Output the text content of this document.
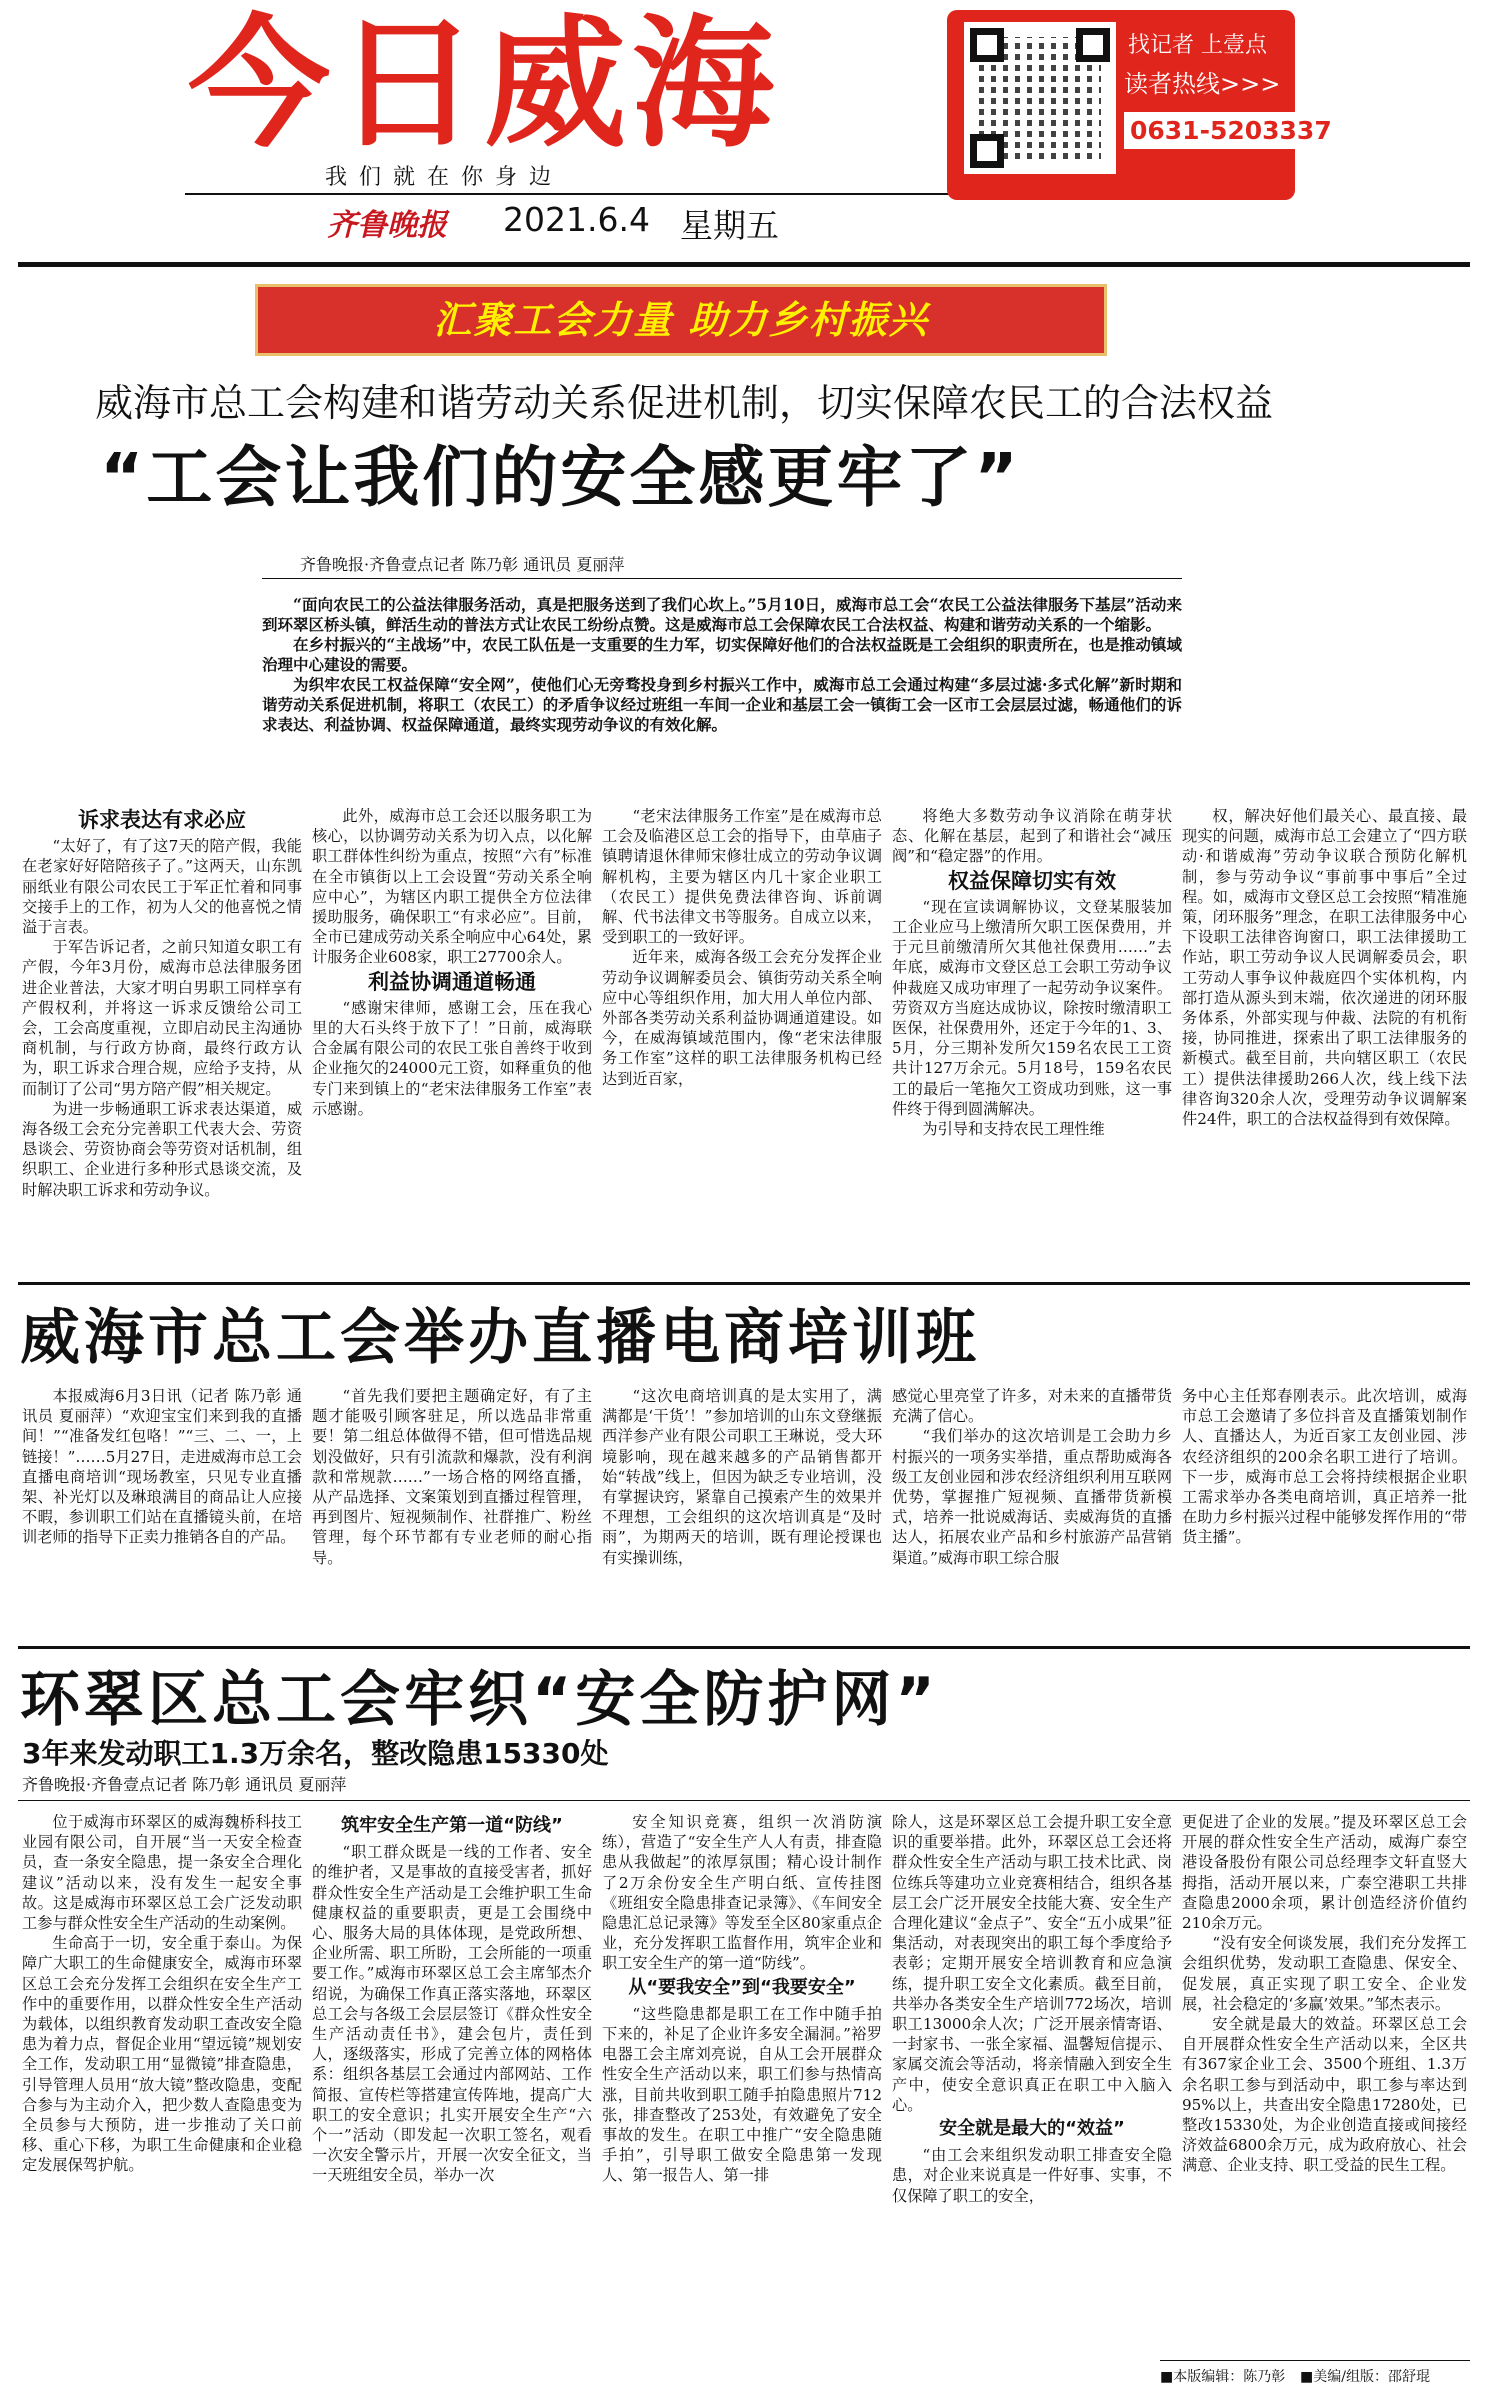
今日威海
我们就在你身边
齐鲁晚报 2021.6.4 星期五
找记者 上壹点
读者热线>>>
0631-5203337
汇聚工会力量 助力乡村振兴
威海市总工会构建和谐劳动关系促进机制，切实保障农民工的合法权益
“工会让我们的安全感更牢了”
齐鲁晚报·齐鲁壹点记者 陈乃彰 通讯员 夏丽萍

“面向农民工的公益法律服务活动，真是把服务送到了我们心坎上。”5月10日，威海市总工会“农民工公益法律服务下基层”活动来到环翠区桥头镇，鲜活生动的普法方式让农民工纷纷点赞。这是威海市总工会保障农民工合法权益、构建和谐劳动关系的一个缩影。

在乡村振兴的“主战场”中，农民工队伍是一支重要的生力军，切实保障好他们的合法权益既是工会组织的职责所在，也是推动镇域治理中心建设的需要。

为织牢农民工权益保障“安全网”，使他们心无旁骛投身到乡村振兴工作中，威海市总工会通过构建“多层过滤·多式化解”新时期和谐劳动关系促进机制，将职工（农民工）的矛盾争议经过班组一车间一企业和基层工会一镇街工会一区市工会层层过滤，畅通他们的诉求表达、利益协调、权益保障通道，最终实现劳动争议的有效化解。

诉求表达有求必应

“太好了，有了这7天的陪产假，我能在老家好好陪陪孩子了。”这两天，山东凯丽纸业有限公司农民工于军正忙着和同事交接手上的工作，初为人父的他喜悦之情溢于言表。

于军告诉记者，之前只知道女职工有产假，今年3月份，威海市总法律服务团进企业普法，大家才明白男职工同样享有产假权利，并将这一诉求反馈给公司工会，工会高度重视，立即启动民主沟通协商机制，与行政方协商，最终行政方认为，职工诉求合理合规，应给予支持，从而制订了公司“男方陪产假”相关规定。

为进一步畅通职工诉求表达渠道，威海各级工会充分完善职工代表大会、劳资恳谈会、劳资协商会等劳资对话机制，组织职工、企业进行多种形式恳谈交流，及时解决职工诉求和劳动争议。

此外，威海市总工会还以服务职工为核心，以协调劳动关系为切入点，以化解职工群体性纠纷为重点，按照“六有”标准在全市镇街以上工会设置“劳动关系全响应中心”，为辖区内职工提供全方位法律援助服务，确保职工“有求必应”。目前，全市已建成劳动关系全响应中心64处，累计服务企业608家，职工27700余人。

利益协调通道畅通

“感谢宋律师，感谢工会，压在我心里的大石头终于放下了！”日前，威海联合金属有限公司的农民工张自善终于收到企业拖欠的24000元工资，如释重负的他专门来到镇上的“老宋法律服务工作室”表示感谢。

“老宋法律服务工作室”是在威海市总工会及临港区总工会的指导下，由草庙子镇聘请退休律师宋修壮成立的劳动争议调解机构，主要为辖区内几十家企业职工（农民工）提供免费法律咨询、诉前调解、代书法律文书等服务。自成立以来，受到职工的一致好评。

近年来，威海各级工会充分发挥企业劳动争议调解委员会、镇街劳动关系全响应中心等组织作用，加大用人单位内部、外部各类劳动关系利益协调通道建设。如今，在威海镇域范围内，像“老宋法律服务工作室”这样的职工法律服务机构已经达到近百家，

将绝大多数劳动争议消除在萌芽状态、化解在基层，起到了和谐社会“减压阀”和“稳定器”的作用。

权益保障切实有效

“现在宣读调解协议，文登某服装加工企业应马上缴清所欠职工医保费用，并于元旦前缴清所欠其他社保费用……”去年底，威海市文登区总工会职工劳动争议仲裁庭又成功审理了一起劳动争议案件。劳资双方当庭达成协议，除按时缴清职工医保，社保费用外，还定于今年的1、3、5月，分三期补发所欠159名农民工工资共计127万余元。5月18号，159名农民工的最后一笔拖欠工资成功到账，这一事件终于得到圆满解决。

为引导和支持农民工理性维

权，解决好他们最关心、最直接、最现实的问题，威海市总工会建立了“四方联动·和谐威海”劳动争议联合预防化解机制，参与劳动争议“事前事中事后”全过程。如，威海市文登区总工会按照“精准施策，闭环服务”理念，在职工法律服务中心下设职工法律咨询窗口，职工法律援助工作站，职工劳动争议人民调解委员会，职工劳动人事争议仲裁庭四个实体机构，内部打造从源头到末端，依次递进的闭环服务体系，外部实现与仲裁、法院的有机衔接，协同推进，探索出了职工法律服务的新模式。截至目前，共向辖区职工（农民工）提供法律援助266人次，线上线下法律咨询320余人次，受理劳动争议调解案件24件，职工的合法权益得到有效保障。

威海市总工会举办直播电商培训班

本报威海6月3日讯（记者 陈乃彰 通讯员 夏丽萍）“欢迎宝宝们来到我的直播间！”“准备发红包咯！”“三、二、一，上链接！”……5月27日，走进威海市总工会直播电商培训“现场教室，只见专业直播架、补光灯以及琳琅满目的商品让人应接不暇，参训职工们站在直播镜头前，在培训老师的指导下正卖力推销各自的产品。

“首先我们要把主题确定好，有了主题才能吸引顾客驻足，所以选品非常重要！第二组总体做得不错，但可惜选品规划没做好，只有引流款和爆款，没有利润款和常规款……”一场合格的网络直播，从产品选择、文案策划到直播过程管理，再到图片、短视频制作、社群推广、粉丝管理，每个环节都有专业老师的耐心指导。

“这次电商培训真的是太实用了，满满都是‘干货’！”参加培训的山东文登继振西洋参产业有限公司职工王琳说，受大环境影响，现在越来越多的产品销售都开始“转战”线上，但因为缺乏专业培训，没有掌握诀窍，紧靠自己摸索产生的效果并不理想，工会组织的这次培训真是“及时雨”，为期两天的培训，既有理论授课也有实操训练，

感觉心里亮堂了许多，对未来的直播带货充满了信心。

“我们举办的这次培训是工会助力乡村振兴的一项务实举措，重点帮助威海各级工友创业园和涉农经济组织利用互联网优势，掌握推广短视频、直播带货新模式，培养一批说威海话、卖威海货的直播达人，拓展农业产品和乡村旅游产品营销渠道。”威海市职工综合服

务中心主任郑春刚表示。此次培训，威海市总工会邀请了多位抖音及直播策划制作人、直播达人，为近百家工友创业园、涉农经济组织的200余名职工进行了培训。下一步，威海市总工会将持续根据企业职工需求举办各类电商培训，真正培养一批在助力乡村振兴过程中能够发挥作用的“带货主播”。

环翠区总工会牢织“安全防护网”
3年来发动职工1.3万余名，整改隐患15330处
齐鲁晚报·齐鲁壹点记者 陈乃彰 通讯员 夏丽萍

位于威海市环翠区的威海魏桥科技工业园有限公司，自开展“当一天安全检查员，查一条安全隐患，提一条安全合理化建议”活动以来，没有发生一起安全事故。这是威海市环翠区总工会广泛发动职工参与群众性安全生产活动的生动案例。

生命高于一切，安全重于泰山。为保障广大职工的生命健康安全，威海市环翠区总工会充分发挥工会组织在安全生产工作中的重要作用，以群众性安全生产活动为载体，以组织教育发动职工查改安全隐患为着力点，督促企业用“望远镜”规划安全工作，发动职工用“显微镜”排查隐患，引导管理人员用“放大镜”整改隐患，变配合参与为主动介入，把少数人查隐患变为全员参与大预防，进一步推动了关口前移、重心下移，为职工生命健康和企业稳定发展保驾护航。

筑牢安全生产第一道“防线”

“职工群众既是一线的工作者、安全的维护者，又是事故的直接受害者，抓好群众性安全生产活动是工会维护职工生命健康权益的重要职责，更是工会围绕中心、服务大局的具体体现，是党政所想、企业所需、职工所盼，工会所能的一项重要工作。”威海市环翠区总工会主席邹杰介绍说，为确保工作真正落实落地，环翠区总工会与各级工会层层签订《群众性安全生产活动责任书》，建会包片，责任到人，逐级落实，形成了完善立体的网格体系：组织各基层工会通过内部网站、工作简报、宣传栏等搭建宣传阵地，提高广大职工的安全意识；扎实开展安全生产“六个一”活动（即发起一次职工签名，观看一次安全警示片，开展一次安全征文，当一天班组安全员，举办一次

安全知识竞赛，组织一次消防演练），营造了“安全生产人人有责，排查隐患从我做起”的浓厚氛围；精心设计制作了2万余份安全生产明白纸、宣传挂图《班组安全隐患排查记录簿》、《车间安全隐患汇总记录簿》等发至全区80家重点企业，充分发挥职工监督作用，筑牢企业和职工安全生产的第一道“防线”。

从“要我安全”到“我要安全”

“这些隐患都是职工在工作中随手拍下来的，补足了企业许多安全漏洞。”裕罗电器工会主席刘亮说，自从工会开展群众性安全生产活动以来，职工们参与热情高涨，目前共收到职工随手拍隐患照片712张，排查整改了253处，有效避免了安全事故的发生。在职工中推广“安全隐患随手拍”，引导职工做安全隐患第一发现人、第一报告人、第一排

除人，这是环翠区总工会提升职工安全意识的重要举措。此外，环翠区总工会还将群众性安全生产活动与职工技术比武、岗位练兵等建功立业竞赛相结合，组织各基层工会广泛开展安全技能大赛、安全生产合理化建议“金点子”、安全“五小成果”征集活动，对表现突出的职工每个季度给予表彰；定期开展安全培训教育和应急演练，提升职工安全文化素质。截至目前，共举办各类安全生产培训772场次，培训职工13000余人次；广泛开展亲情寄语、一封家书、一张全家福、温馨短信提示、家属交流会等活动，将亲情融入到安全生产中，使安全意识真正在职工中入脑入心。

安全就是最大的“效益”

“由工会来组织发动职工排查安全隐患，对企业来说真是一件好事、实事，不仅保障了职工的安全，

更促进了企业的发展。”提及环翠区总工会开展的群众性安全生产活动，威海广泰空港设备股份有限公司总经理李文轩直竖大拇指，活动开展以来，广泰空港职工共排查隐患2000余项，累计创造经济价值约210余万元。

“没有安全何谈发展，我们充分发挥工会组织优势，发动职工查隐患、保安全、促发展，真正实现了职工安全、企业发展，社会稳定的‘多赢’效果。”邹杰表示。

安全就是最大的效益。环翠区总工会自开展群众性安全生产活动以来，全区共有367家企业工会、3500个班组、1.3万余名职工参与到活动中，职工参与率达到95%以上，共查出安全隐患17280处，已整改15330处，为企业创造直接或间接经济效益6800余万元，成为政府放心、社会满意、企业支持、职工受益的民生工程。

■本版编辑：陈乃彰 ■美编/组版：邵舒琨
